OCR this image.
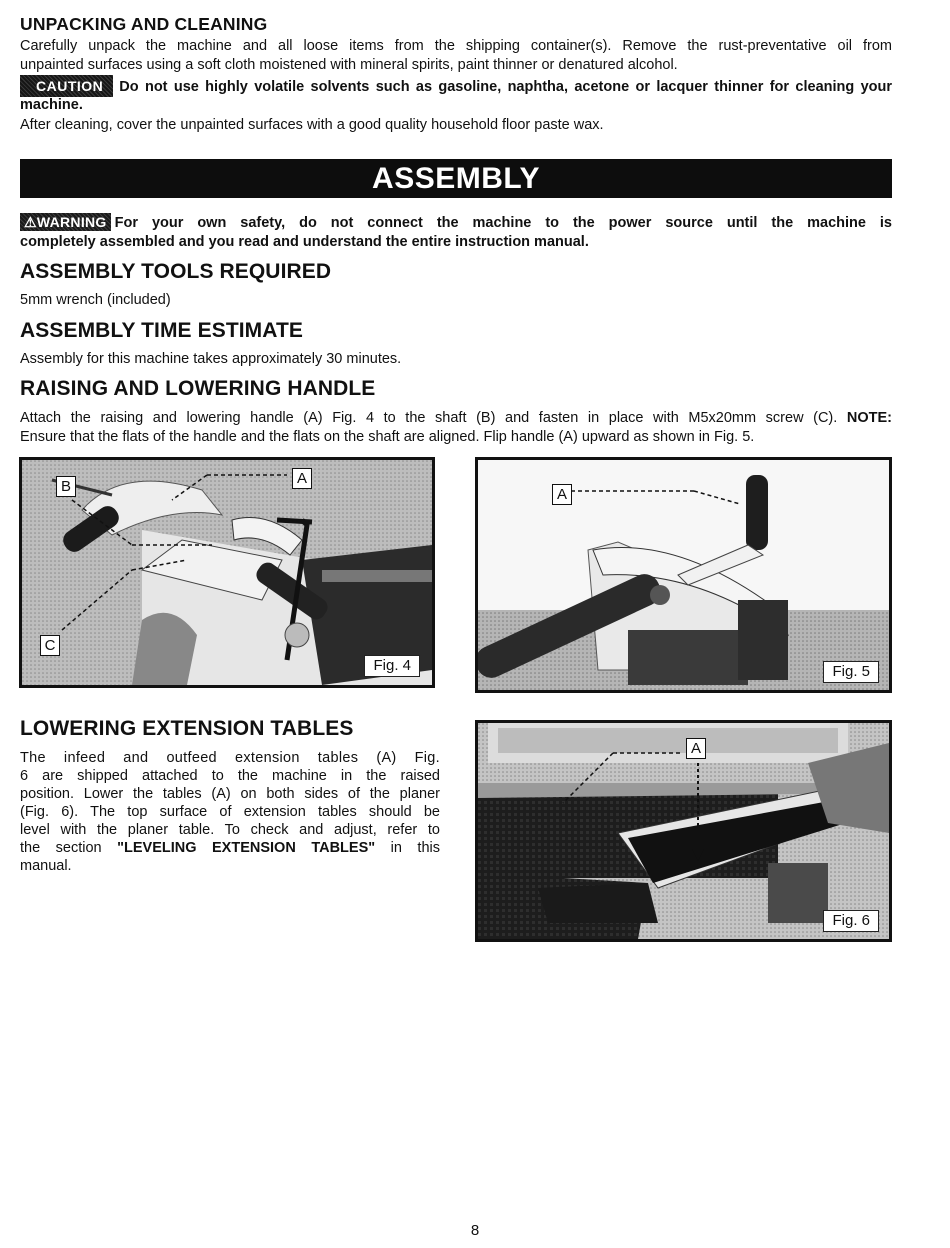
UNPACKING AND CLEANING
Carefully unpack the machine and all loose items from the shipping container(s). Remove the rust-preventative oil from
unpainted surfaces using a soft cloth moistened with mineral spirits, paint thinner or denatured alcohol.
CAUTION Do not use highly volatile solvents such as gasoline, naphtha, acetone or lacquer thinner for cleaning your
machine.
After cleaning, cover the unpainted surfaces with a good quality household floor paste wax.
ASSEMBLY
⚠WARNING For your own safety, do not connect the machine to the power source until the machine is
completely assembled and you read and understand the entire instruction manual.
ASSEMBLY TOOLS REQUIRED
5mm wrench (included)
ASSEMBLY TIME ESTIMATE
Assembly for this machine takes approximately 30 minutes.
RAISING AND LOWERING HANDLE
Attach the raising and lowering handle (A) Fig. 4 to the shaft (B) and fasten in place with M5x20mm screw (C). NOTE:
Ensure that the flats of the handle and the flats on the shaft are aligned. Flip handle (A) upward as shown in Fig. 5.
A
B
C
Fig. 4
A
Fig. 5
LOWERING EXTENSION TABLES
The infeed and outfeed extension tables (A) Fig.
6 are shipped attached to the machine in the raised
position. Lower the tables (A) on both sides of the planer
(Fig. 6). The top surface of extension tables should be
level with the planer table. To check and adjust, refer to
the section "LEVELING EXTENSION TABLES" in this
manual.
A
Fig. 6
8
